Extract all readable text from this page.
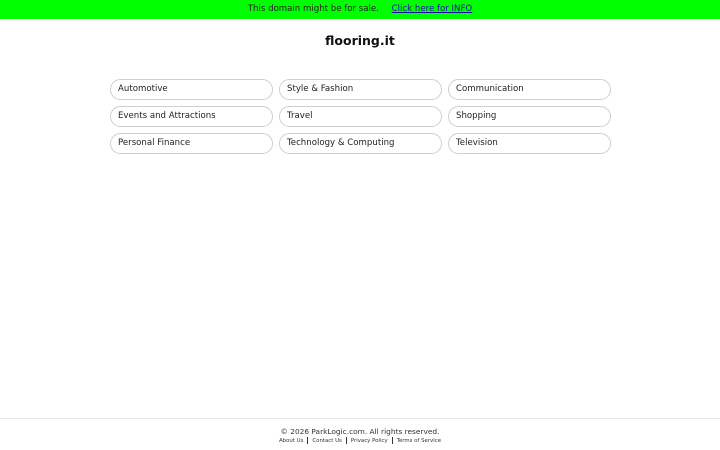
This domain might be for sale. Click here for INFO
flooring.it
Automotive	Style & Fashion	Communication
Events and Attractions	Travel	Shopping
Personal Finance	Technology & Computing	Television
© 2026 ParkLogic.com. All rights reserved.
About Us Contact Us Privacy Policy Terms of Service
